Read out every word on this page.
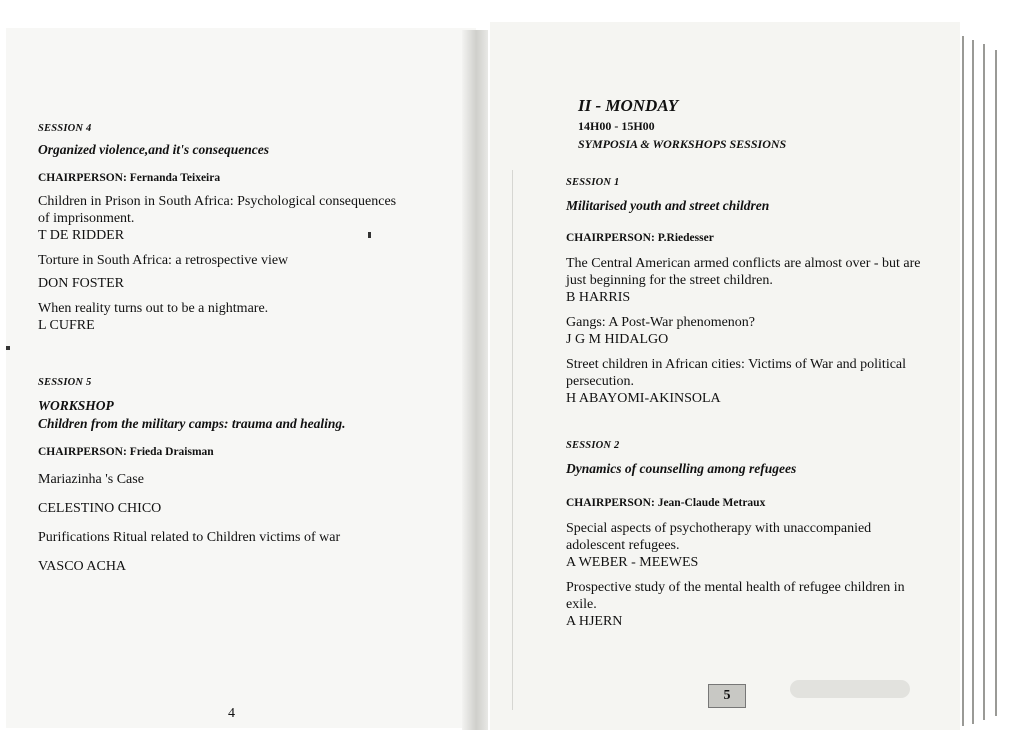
SESSION 4
Organized violence,and it's consequences
CHAIRPERSON: Fernanda Teixeira
Children in Prison in South Africa: Psychological consequences
of imprisonment.
T DE RIDDER
Torture in South Africa: a retrospective view
DON FOSTER
When reality turns out to be a nightmare.
L CUFRE
SESSION 5
WORKSHOP
Children from the military camps: trauma and healing.
CHAIRPERSON: Frieda Draisman
Mariazinha 's Case
CELESTINO CHICO
Purifications Ritual related to Children victims of war
VASCO ACHA
4
II - MONDAY
14H00 - 15H00
SYMPOSIA & WORKSHOPS SESSIONS
SESSION 1
Militarised youth and street children
CHAIRPERSON: P.Riedesser
The Central American armed conflicts are almost over - but are
just beginning for the street children.
B HARRIS
Gangs: A Post-War phenomenon?
J G M HIDALGO
Street children in African cities: Victims of War and political
persecution.
H ABAYOMI-AKINSOLA
SESSION 2
Dynamics of counselling among refugees
CHAIRPERSON: Jean-Claude Metraux
Special aspects of psychotherapy with unaccompanied
adolescent refugees.
A WEBER - MEEWES
Prospective study of the mental health of refugee children in
exile.
A HJERN
5
